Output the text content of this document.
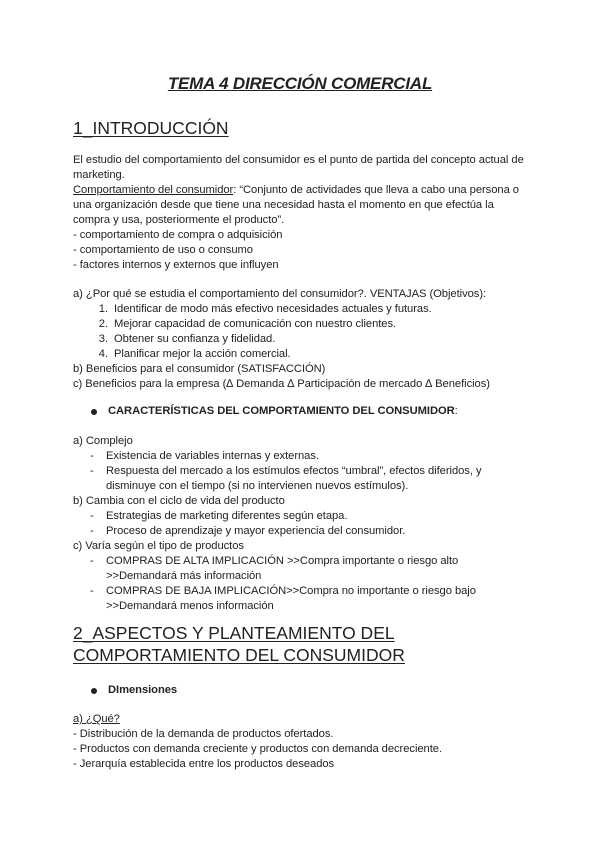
TEMA 4 DIRECCIÓN COMERCIAL
1_INTRODUCCIÓN
El estudio del comportamiento del consumidor es el punto de partida del concepto actual de
marketing.
Comportamiento del consumidor: “Conjunto de actividades que lleva a cabo una persona o
una organización desde que tiene una necesidad hasta el momento en que efectúa la
compra y usa, posteriormente el producto”.
- comportamiento de compra o adquisición
- comportamiento de uso o consumo
- factores internos y externos que influyen
a) ¿Por qué se estudia el comportamiento del consumidor?. VENTAJAS (Objetivos):
1. Identificar de modo más efectivo necesidades actuales y futuras.
2. Mejorar capacidad de comunicación con nuestro clientes.
3. Obtener su confianza y fidelidad.
4. Planificar mejor la acción comercial.
b) Beneficios para el consumidor (SATISFACCIÓN)
c) Beneficios para la empresa (∆ Demanda ∆ Participación de mercado ∆ Beneficios)
CARACTERÍSTICAS DEL COMPORTAMIENTO DEL CONSUMIDOR:
a) Complejo
- Existencia de variables internas y externas.
- Respuesta del mercado a los estímulos efectos “umbral”, efectos diferidos, y
disminuye con el tiempo (si no intervienen nuevos estímulos).
b) Cambia con el ciclo de vida del producto
- Estrategias de marketing diferentes según etapa.
- Proceso de aprendizaje y mayor experiencia del consumidor.
c) Varía según el tipo de productos
- COMPRAS DE ALTA IMPLICACIÓN >>Compra importante o riesgo alto
>>Demandará más información
- COMPRAS DE BAJA IMPLICACIÓN>>Compra no importante o riesgo bajo
>>Demandará menos información
2_ASPECTOS Y PLANTEAMIENTO DEL
COMPORTAMIENTO DEL CONSUMIDOR
DImensiones
a) ¿Qué?
- Distribución de la demanda de productos ofertados.
- Productos con demanda creciente y productos con demanda decreciente.
- Jerarquía establecida entre los productos deseados
